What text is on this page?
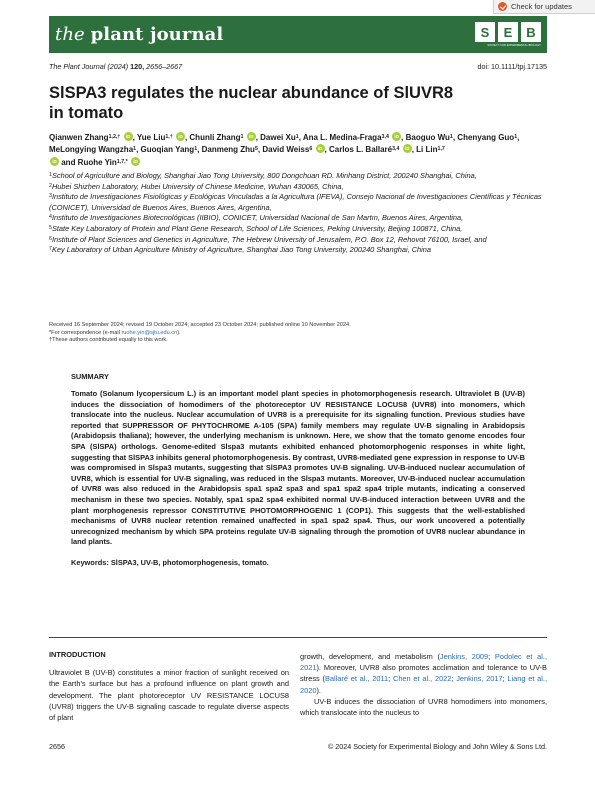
Check for updates
the plant journal	S	E	B
SOCIETY FOR EXPERIMENTAL BIOLOGY
The Plant Journal (2024) 120, 2656–2667	doi: 10.1111/tpj.17135
SlSPA3 regulates the nuclear abundance of SlUVR8
in tomato
Qianwen Zhang$^{1,2,\dagger}$ iD , Yue Liu$^{1,\dagger}$ iD , Chunli Zhang$^1$ iD , Dawei Xu$^1$, Ana L. Medina-Fraga$^{3,4}$ iD , Baoguo Wu$^1$, Chenyang Guo$^1$, MeLongying Wangzha$^1$, Guoqian Yang$^1$, Danmeng Zhu$^5$, David Weiss$^6$ iD , Carlos L. Ballaré$^{3,4}$ iD , Li Lin$^{1,7}$
iD and Ruohe Yin$^{1,7,*}$ iD

$^1$School of Agriculture and Biology, Shanghai Jiao Tong University, 800 Dongchuan RD. Minhang District, 200240 Shanghai, China,

$^2$Hubei Shizhen Laboratory, Hubei University of Chinese Medicine, Wuhan 430065, China,

$^3$Instituto de Investigaciones Fisiológicas y Ecológicas Vinculadas a la Agricultura (IFEVA), Consejo Nacional de Investigaciones Científicas y Técnicas (CONICET), Universidad de Buenos Aires, Buenos Aires, Argentina,

$^4$Instituto de Investigaciones Biotecnológicas (IIBIO), CONICET, Universidad Nacional de San Martın, Buenos Aires, Argentina,

$^5$State Key Laboratory of Protein and Plant Gene Research, School of Life Sciences, Peking University, Beijing 100871, China,

$^6$Institute of Plant Sciences and Genetics in Agriculture, The Hebrew University of Jerusalem, P.O. Box 12, Rehovot 76100, Israel, and

$^7$Key Laboratory of Urban Agriculture Ministry of Agriculture, Shanghai Jiao Tong University, 200240 Shanghai, China

Received 16 September 2024; revised 19 October 2024; accepted 23 October 2024; published online 10 November 2024.

*For correspondence (e-mail ruohe.yin@sjtu.edu.cn).

†These authors contributed equally to this work.

SUMMARY

Tomato (Solanum lycopersicum L.) is an important model plant species in photomorphogenesis research. Ultraviolet B (UV-B) induces the dissociation of homodimers of the photoreceptor UV RESISTANCE LOCUS8 (UVR8) into monomers, which translocate into the nucleus. Nuclear accumulation of UVR8 is a prerequisite for its signaling function. Previous studies have reported that SUPPRESSOR OF PHYTOCHROME A-105 (SPA) family members may regulate UV-B signaling in Arabidopsis (Arabidopsis thaliana); however, the underlying mechanism is unknown. Here, we show that the tomato genome encodes four SPA (SlSPA) orthologs. Genome-edited Slspa3 mutants exhibited enhanced photomorphogenic responses in white light, suggesting that SlSPA3 inhibits general photomorphogenesis. By contrast, UVR8-mediated gene expression in response to UV-B was compromised in Slspa3 mutants, suggesting that SlSPA3 promotes UV-B signaling. UV-B-induced nuclear accumulation of UVR8, which is essential for UV-B signaling, was reduced in the Slspa3 mutants. Moreover, UV-B-induced nuclear accumulation of UVR8 was also reduced in the Arabidopsis spa1 spa2 spa3 and spa1 spa2 spa4 triple mutants, indicating a conserved mechanism in these two species. Notably, spa1 spa2 spa4 exhibited normal UV-B-induced interaction between UVR8 and the plant morphogenesis repressor CONSTITUTIVE PHOTOMORPHOGENIC 1 (COP1). This suggests that the well-established mechanisms of UVR8 nuclear retention remained unaffected in spa1 spa2 spa4. Thus, our work uncovered a potentially unrecognized mechanism by which SPA proteins regulate UV-B signaling through the promotion of UVR8 nuclear abundance in land plants.

Keywords: SlSPA3, UV-B, photomorphogenesis, tomato.

INTRODUCTION

Ultraviolet B (UV-B) constitutes a minor fraction of sunlight received on the Earth's surface but has a profound influence on plant growth and development. The plant photoreceptor UV RESISTANCE LOCUS8 (UVR8) triggers the UV-B signaling cascade to regulate diverse aspects of plant

growth, development, and metabolism (Jenkins, 2009; Podolec et al., 2021). Moreover, UVR8 also promotes acclimation and tolerance to UV-B stress (Ballaré et al., 2011; Chen et al., 2022; Jenkins, 2017; Liang et al., 2020).

UV-B induces the dissociation of UVR8 homodimers into monomers, which translocate into the nucleus to

2656	© 2024 Society for Experimental Biology and John Wiley & Sons Ltd.
